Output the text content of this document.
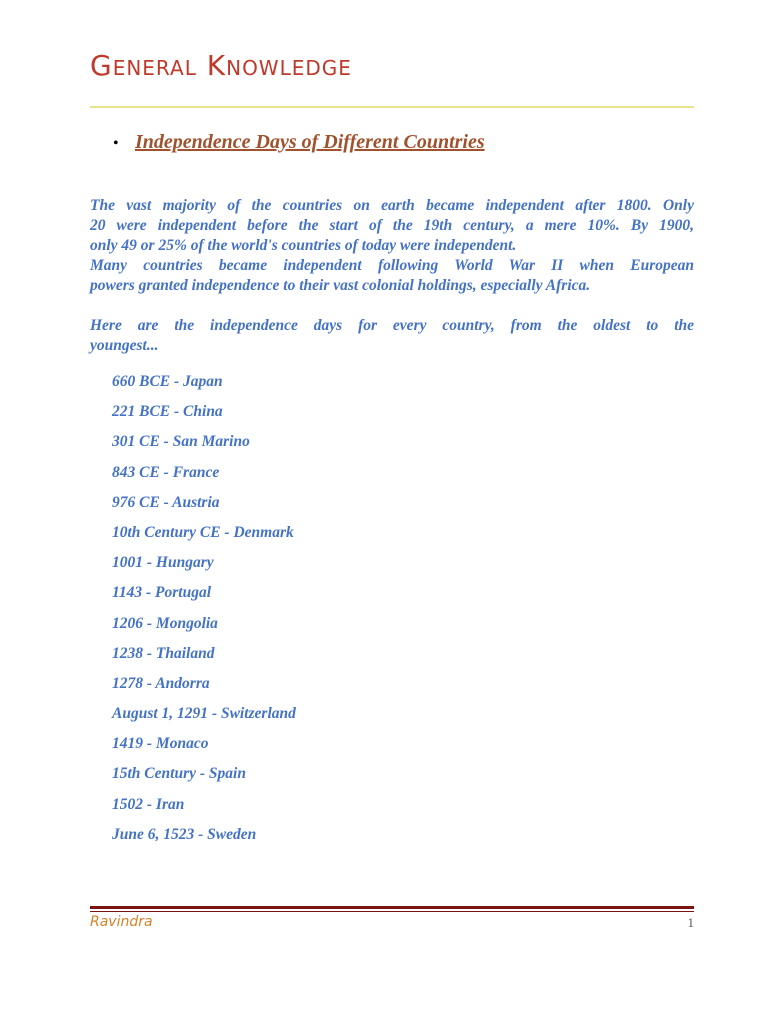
General Knowledge
• Independence Days of Different Countries

The vast majority of the countries on earth became independent after 1800. Only
20 were independent before the start of the 19th century, a mere 10%. By 1900,
only 49 or 25% of the world's countries of today were independent.
Many countries became independent following World War II when European
powers granted independence to their vast colonial holdings, especially Africa.

Here are the independence days for every country, from the oldest to the
youngest...

660 BCE - Japan
221 BCE - China
301 CE - San Marino
843 CE - France
976 CE - Austria
10th Century CE - Denmark
1001 - Hungary
1143 - Portugal
1206 - Mongolia
1238 - Thailand
1278 - Andorra
August 1, 1291 - Switzerland
1419 - Monaco
15th Century - Spain
1502 - Iran
June 6, 1523 - Sweden
Ravindra	1
